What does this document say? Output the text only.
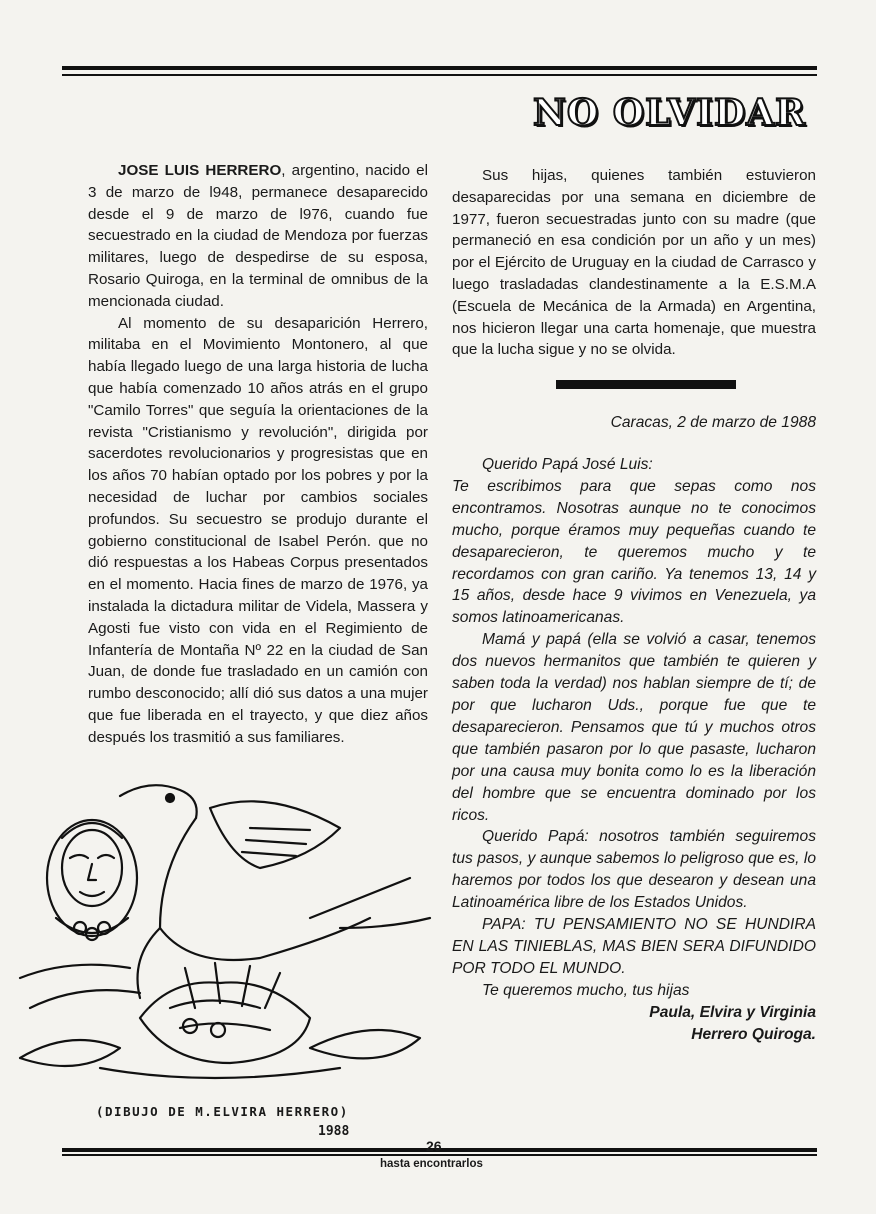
NO OLVIDAR

JOSE LUIS HERRERO, argentino, nacido el 3 de marzo de l948, permanece desaparecido desde el 9 de marzo de l976, cuando fue secuestrado en la ciudad de Mendoza por fuerzas militares, luego de despedirse de su esposa, Rosario Quiroga, en la terminal de omnibus de la mencionada ciudad.

Al momento de su desaparición Herrero, militaba en el Movimiento Montonero, al que había llegado luego de una larga historia de lucha que había comenzado 10 años atrás en el grupo "Camilo Torres" que seguía la orientaciones de la revista "Cristianismo y revolución", dirigida por sacerdotes revolucionarios y progresistas que en los años 70 habían optado por los pobres y por la necesidad de luchar por cambios sociales profundos. Su secuestro se produjo durante el gobierno constitucional de Isabel Perón. que no dió respuestas a los Habeas Corpus presentados en el momento. Hacia fines de marzo de 1976, ya instalada la dictadura militar de Videla, Massera y Agosti fue visto con vida en el Regimiento de Infantería de Montaña Nº 22 en la ciudad de San Juan, de donde fue trasladado en un camión con rumbo desconocido; allí dió sus datos a una mujer que fue liberada en el trayecto, y que diez años después los trasmitió a sus familiares.

Sus hijas, quienes también estuvieron desaparecidas por una semana en diciembre de 1977, fueron secuestradas junto con su madre (que permaneció en esa condición por un año y un mes) por el Ejército de Uruguay en la ciudad de Carrasco y luego trasladadas clandestinamente a la E.S.M.A (Escuela de Mecánica de la Armada) en Argentina, nos hicieron llegar una carta homenaje, que muestra que la lucha sigue y no se olvida.

Caracas, 2 de marzo de 1988

Querido Papá José Luis:

Te escribimos para que sepas como nos encontramos. Nosotras aunque no te conocimos mucho, porque éramos muy pequeñas cuando te desaparecieron, te queremos mucho y te recordamos con gran cariño. Ya tenemos 13, 14 y 15 años, desde hace 9 vivimos en Venezuela, ya somos latinoamericanas.

Mamá y papá (ella se volvió a casar, tenemos dos nuevos hermanitos que también te quieren y saben toda la verdad) nos hablan siempre de tí; de por que lucharon Uds., porque fue que te desaparecieron. Pensamos que tú y muchos otros que también pasaron por lo que pasaste, lucharon por una causa muy bonita como lo es la liberación del hombre que se encuentra dominado por los ricos.

Querido Papá: nosotros también seguiremos tus pasos, y aunque sabemos lo peligroso que es, lo haremos por todos los que desearon y desean una Latinoamérica libre de los Estados Unidos.

PAPA: TU PENSAMIENTO NO SE HUNDIRA EN LAS TINIEBLAS, MAS BIEN SERA DIFUNDIDO POR TODO EL MUNDO.

Te queremos mucho, tus hijas

Paula, Elvira y Virginia

Herrero Quiroga.

(DIBUJO DE M.ELVIRA HERRERO)
1988
26
hasta encontrarlos
